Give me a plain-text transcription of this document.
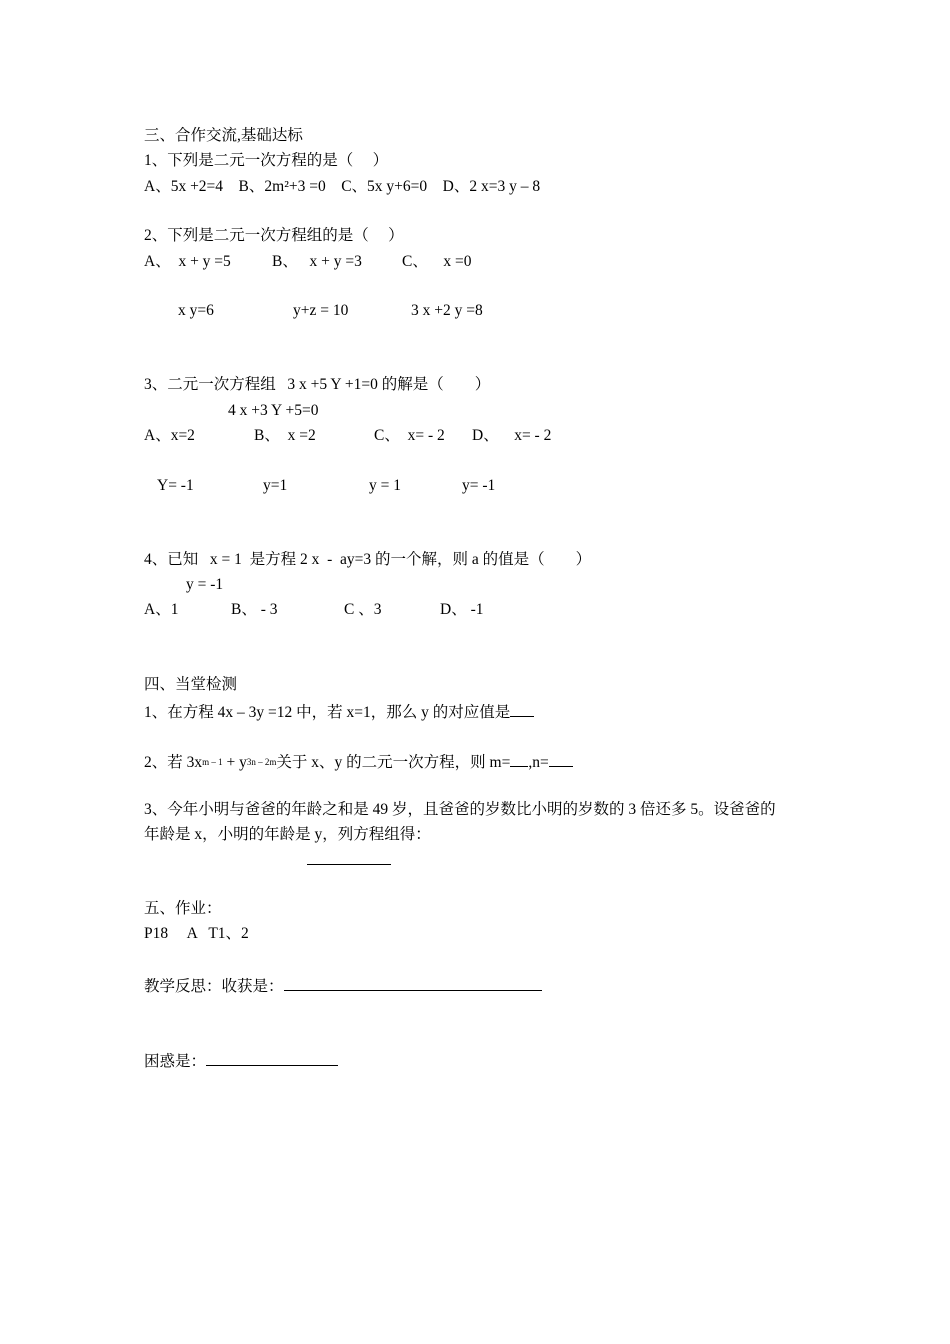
三、合作交流,基础达标
1、下列是二元一次方程的是（　 ）
A、5x +2=4    B、2m²+3 =0    C、5x y+6=0    D、2 x=3 y – 8
2、下列是二元一次方程组的是（　 ）
A、  x + y =5	B、   x + y =3	C、    x =0
x y=6	y+z = 10	3 x +2 y =8
3、二元一次方程组   3 x +5 Y +1=0 的解是（　　）
4 x +3 Y +5=0
A、x=2	B、  x =2	C、  x= - 2 D、    x= - 2
Y= -1	y=1	y = 1	y= -1
4、已知   x = 1  是方程 2 x  -  ay=3 的一个解，则 a 的值是（　　）
y = -1
A、1	B、 - 3	C 、3	D、 -1
四、当堂检测
1、在方程 4x – 3y =12 中，若 x=1，那么 y 的对应值是
2、若 $3x^{m - 1} + y^{3n - 2m}$关于 x、y 的二元一次方程，则 m= ,n=
3、今年小明与爸爸的年龄之和是 49 岁，且爸爸的岁数比小明的岁数的 3 倍还多 5。设爸爸的
年龄是 x，小明的年龄是 y，列方程组得：
五、作业：
P18     A   T1、2
教学反思：收获是：
困惑是：
